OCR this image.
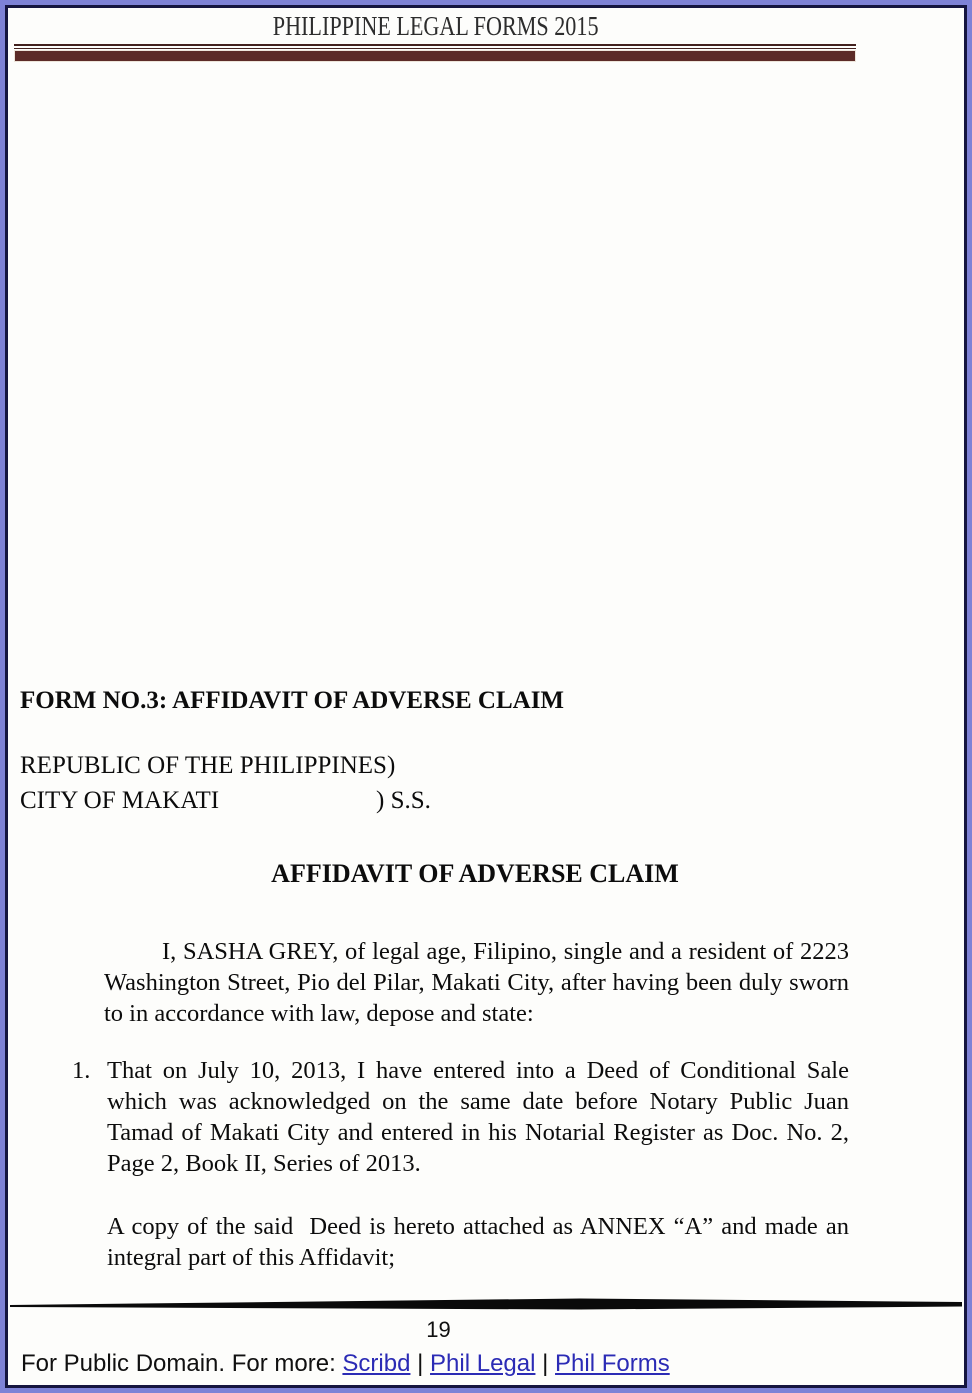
PHILIPPINE LEGAL FORMS 2015
FORM NO.3: AFFIDAVIT OF ADVERSE CLAIM
REPUBLIC OF THE PHILIPPINES)
CITY OF MAKATI	) S.S.
AFFIDAVIT OF ADVERSE CLAIM

I, SASHA GREY, of legal age, Filipino, single and a resident of 2223 Washington Street, Pio del Pilar, Makati City, after having been duly sworn to in accordance with law, depose and state:

1. That on July 10, 2013, I have entered into a Deed of Conditional Sale which was acknowledged on the same date before Notary Public Juan Tamad of Makati City and entered in his Notarial Register as Doc. No. 2, Page 2, Book II, Series of 2013.

A copy of the said  Deed is hereto attached as ANNEX “A” and made an integral part of this Affidavit;

19
For Public Domain. For more: Scribd | Phil Legal | Phil Forms
